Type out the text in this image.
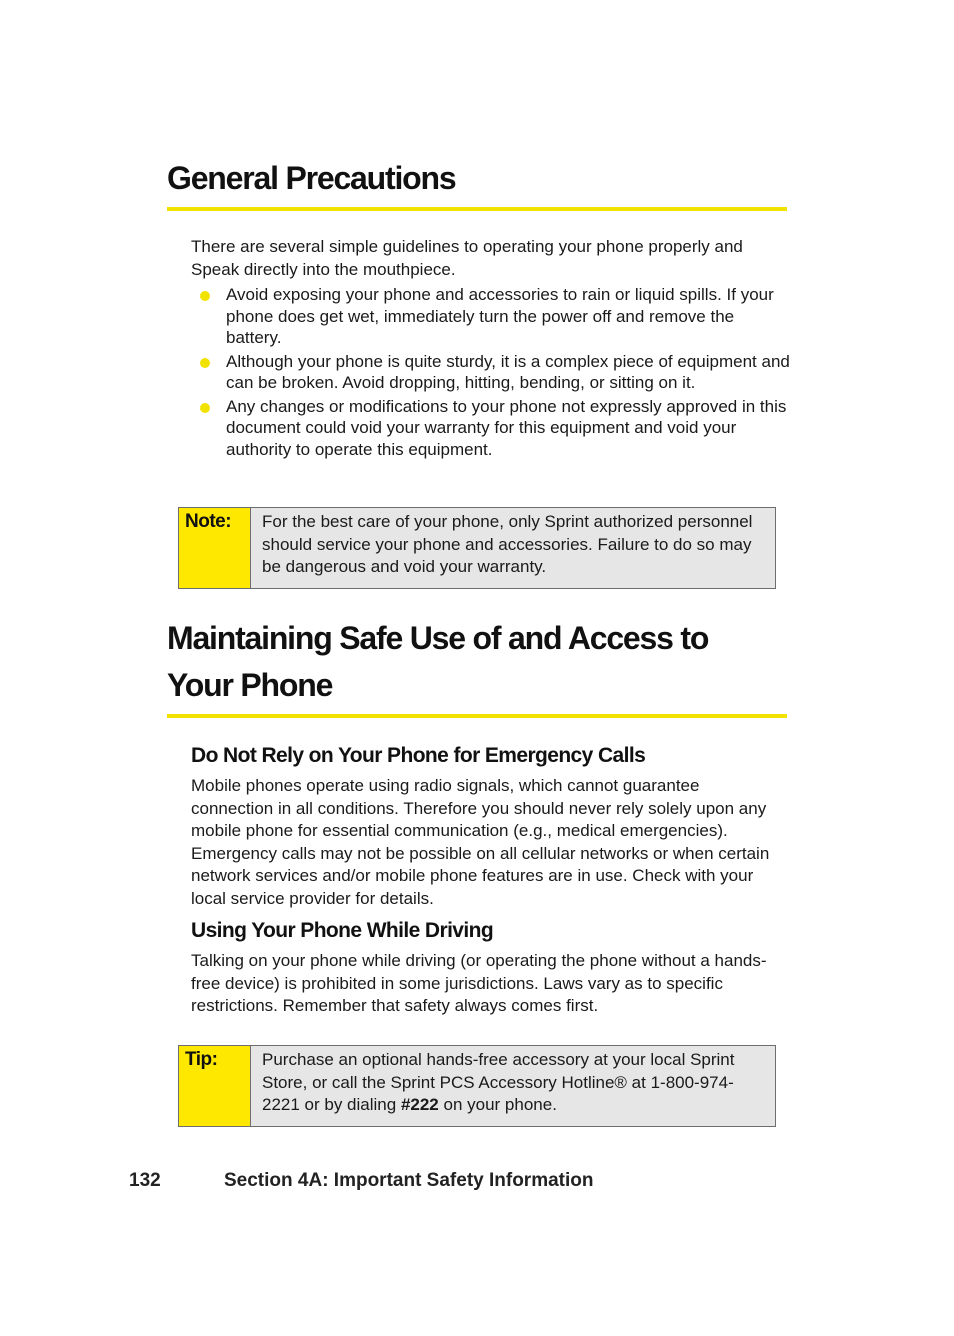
General Precautions

There are several simple guidelines to operating your phone properly and Speak directly into the mouthpiece.

Avoid exposing your phone and accessories to rain or liquid spills. If your phone does get wet, immediately turn the power off and remove the battery.
Although your phone is quite sturdy, it is a complex piece of equipment and can be broken. Avoid dropping, hitting, bending, or sitting on it.
Any changes or modifications to your phone not expressly approved in this document could void your warranty for this equipment and void your authority to operate this equipment.
Note:	For the best care of your phone, only Sprint authorized personnel should service your phone and accessories. Failure to do so may be dangerous and void your warranty.
Maintaining Safe Use of and Access to
Your Phone
Do Not Rely on Your Phone for Emergency Calls

Mobile phones operate using radio signals, which cannot guarantee connection in all conditions. Therefore you should never rely solely upon any mobile phone for essential communication (e.g., medical emergencies). Emergency calls may not be possible on all cellular networks or when certain network services and/or mobile phone features are in use. Check with your local service provider for details.

Using Your Phone While Driving

Talking on your phone while driving (or operating the phone without a hands-free device) is prohibited in some jurisdictions. Laws vary as to specific restrictions. Remember that safety always comes first.

Tip:	Purchase an optional hands-free accessory at your local Sprint Store, or call the Sprint PCS Accessory Hotline® at 1-800-974-2221 or by dialing #222 on your phone.
132	Section 4A: Important Safety Information
